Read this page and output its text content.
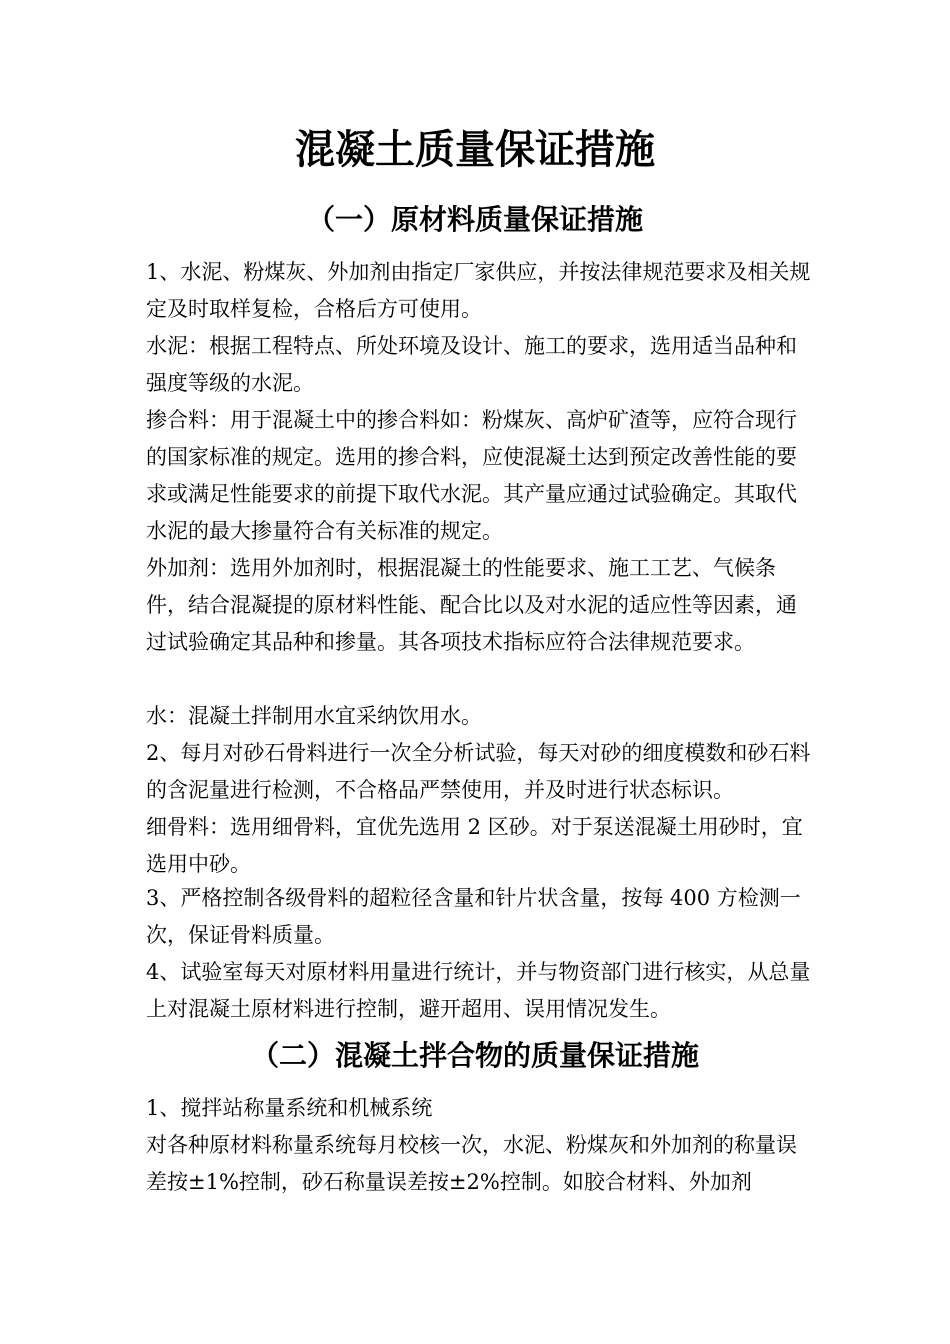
混凝土质量保证措施
（一）原材料质量保证措施

1、水泥、粉煤灰、外加剂由指定厂家供应，并按法律规范要求及相关规定及时取样复检，合格后方可使用。

水泥：根据工程特点、所处环境及设计、施工的要求，选用适当品种和强度等级的水泥。

掺合料：用于混凝土中的掺合料如：粉煤灰、高炉矿渣等，应符合现行的国家标准的规定。选用的掺合料，应使混凝土达到预定改善性能的要求或满足性能要求的前提下取代水泥。其产量应通过试验确定。其取代水泥的最大掺量符合有关标准的规定。

外加剂：选用外加剂时，根据混凝土的性能要求、施工工艺、气候条件，结合混凝提的原材料性能、配合比以及对水泥的适应性等因素，通过试验确定其品种和掺量。其各项技术指标应符合法律规范要求。

水：混凝土拌制用水宜采纳饮用水。

2、每月对砂石骨料进行一次全分析试验，每天对砂的细度模数和砂石料的含泥量进行检测，不合格品严禁使用，并及时进行状态标识。

细骨料：选用细骨料，宜优先选用 2 区砂。对于泵送混凝土用砂时，宜选用中砂。

3、严格控制各级骨料的超粒径含量和针片状含量，按每 400 方检测一次，保证骨料质量。

4、试验室每天对原材料用量进行统计，并与物资部门进行核实，从总量上对混凝土原材料进行控制，避开超用、误用情况发生。

（二）混凝土拌合物的质量保证措施

1、搅拌站称量系统和机械系统

对各种原材料称量系统每月校核一次，水泥、粉煤灰和外加剂的称量误差按±1%控制，砂石称量误差按±2%控制。如胶合材料、外加剂
